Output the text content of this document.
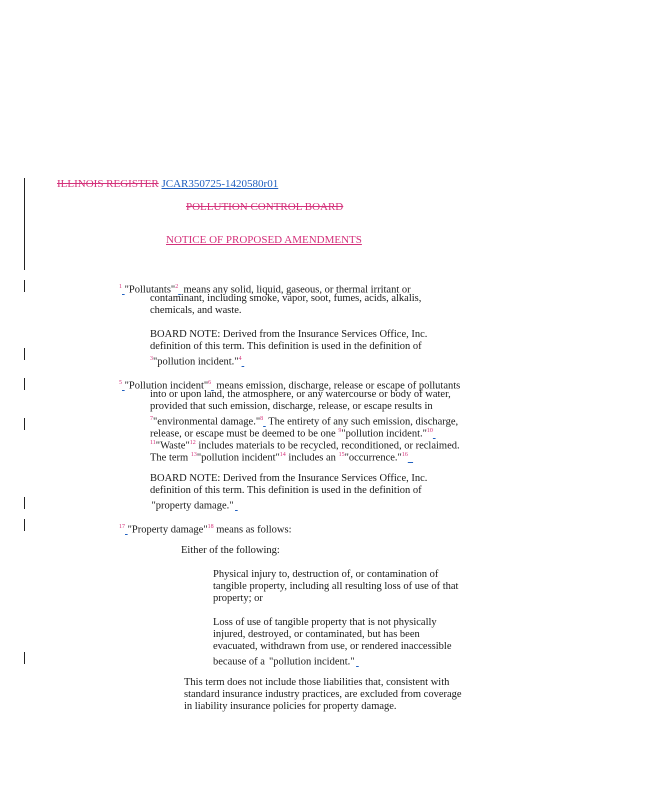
ILLINOIS REGISTER JCAR350725-1420580r01
POLLUTION CONTROL BOARD
NOTICE OF PROPOSED AMENDMENTS
$^1$ "Pollutants"$^2$ means any solid, liquid, gaseous, or thermal irritant or
contaminant, including smoke, vapor, soot, fumes, acids, alkalis,
chemicals, and waste.
BOARD NOTE: Derived from the Insurance Services Office, Inc.
definition of this term. This definition is used in the definition of
$^3$"pollution incident."$^4$
$^5$ "Pollution incident"$^6$ means emission, discharge, release or escape of pollutants
into or upon land, the atmosphere, or any watercourse or body of water,
provided that such emission, discharge, release, or escape results in
$^7$"environmental damage."$^8$ The entirety of any such emission, discharge,
release, or escape must be deemed to be one $^9$"pollution incident."$^{10}$
$^{11}$"Waste"$^{12}$ includes materials to be recycled, reconditioned, or reclaimed.
The term $^{13}$"pollution incident"$^{14}$ includes an $^{15}$"occurrence."$^{16}$
BOARD NOTE: Derived from the Insurance Services Office, Inc.
definition of this term. This definition is used in the definition of
"property damage."
$^{17}$ "Property damage"$^{18}$ means as follows:
Either of the following:
Physical injury to, destruction of, or contamination of
tangible property, including all resulting loss of use of that
property; or
Loss of use of tangible property that is not physically
injured, destroyed, or contaminated, but has been
evacuated, withdrawn from use, or rendered inaccessible
because of a "pollution incident."
This term does not include those liabilities that, consistent with
standard insurance industry practices, are excluded from coverage
in liability insurance policies for property damage.
